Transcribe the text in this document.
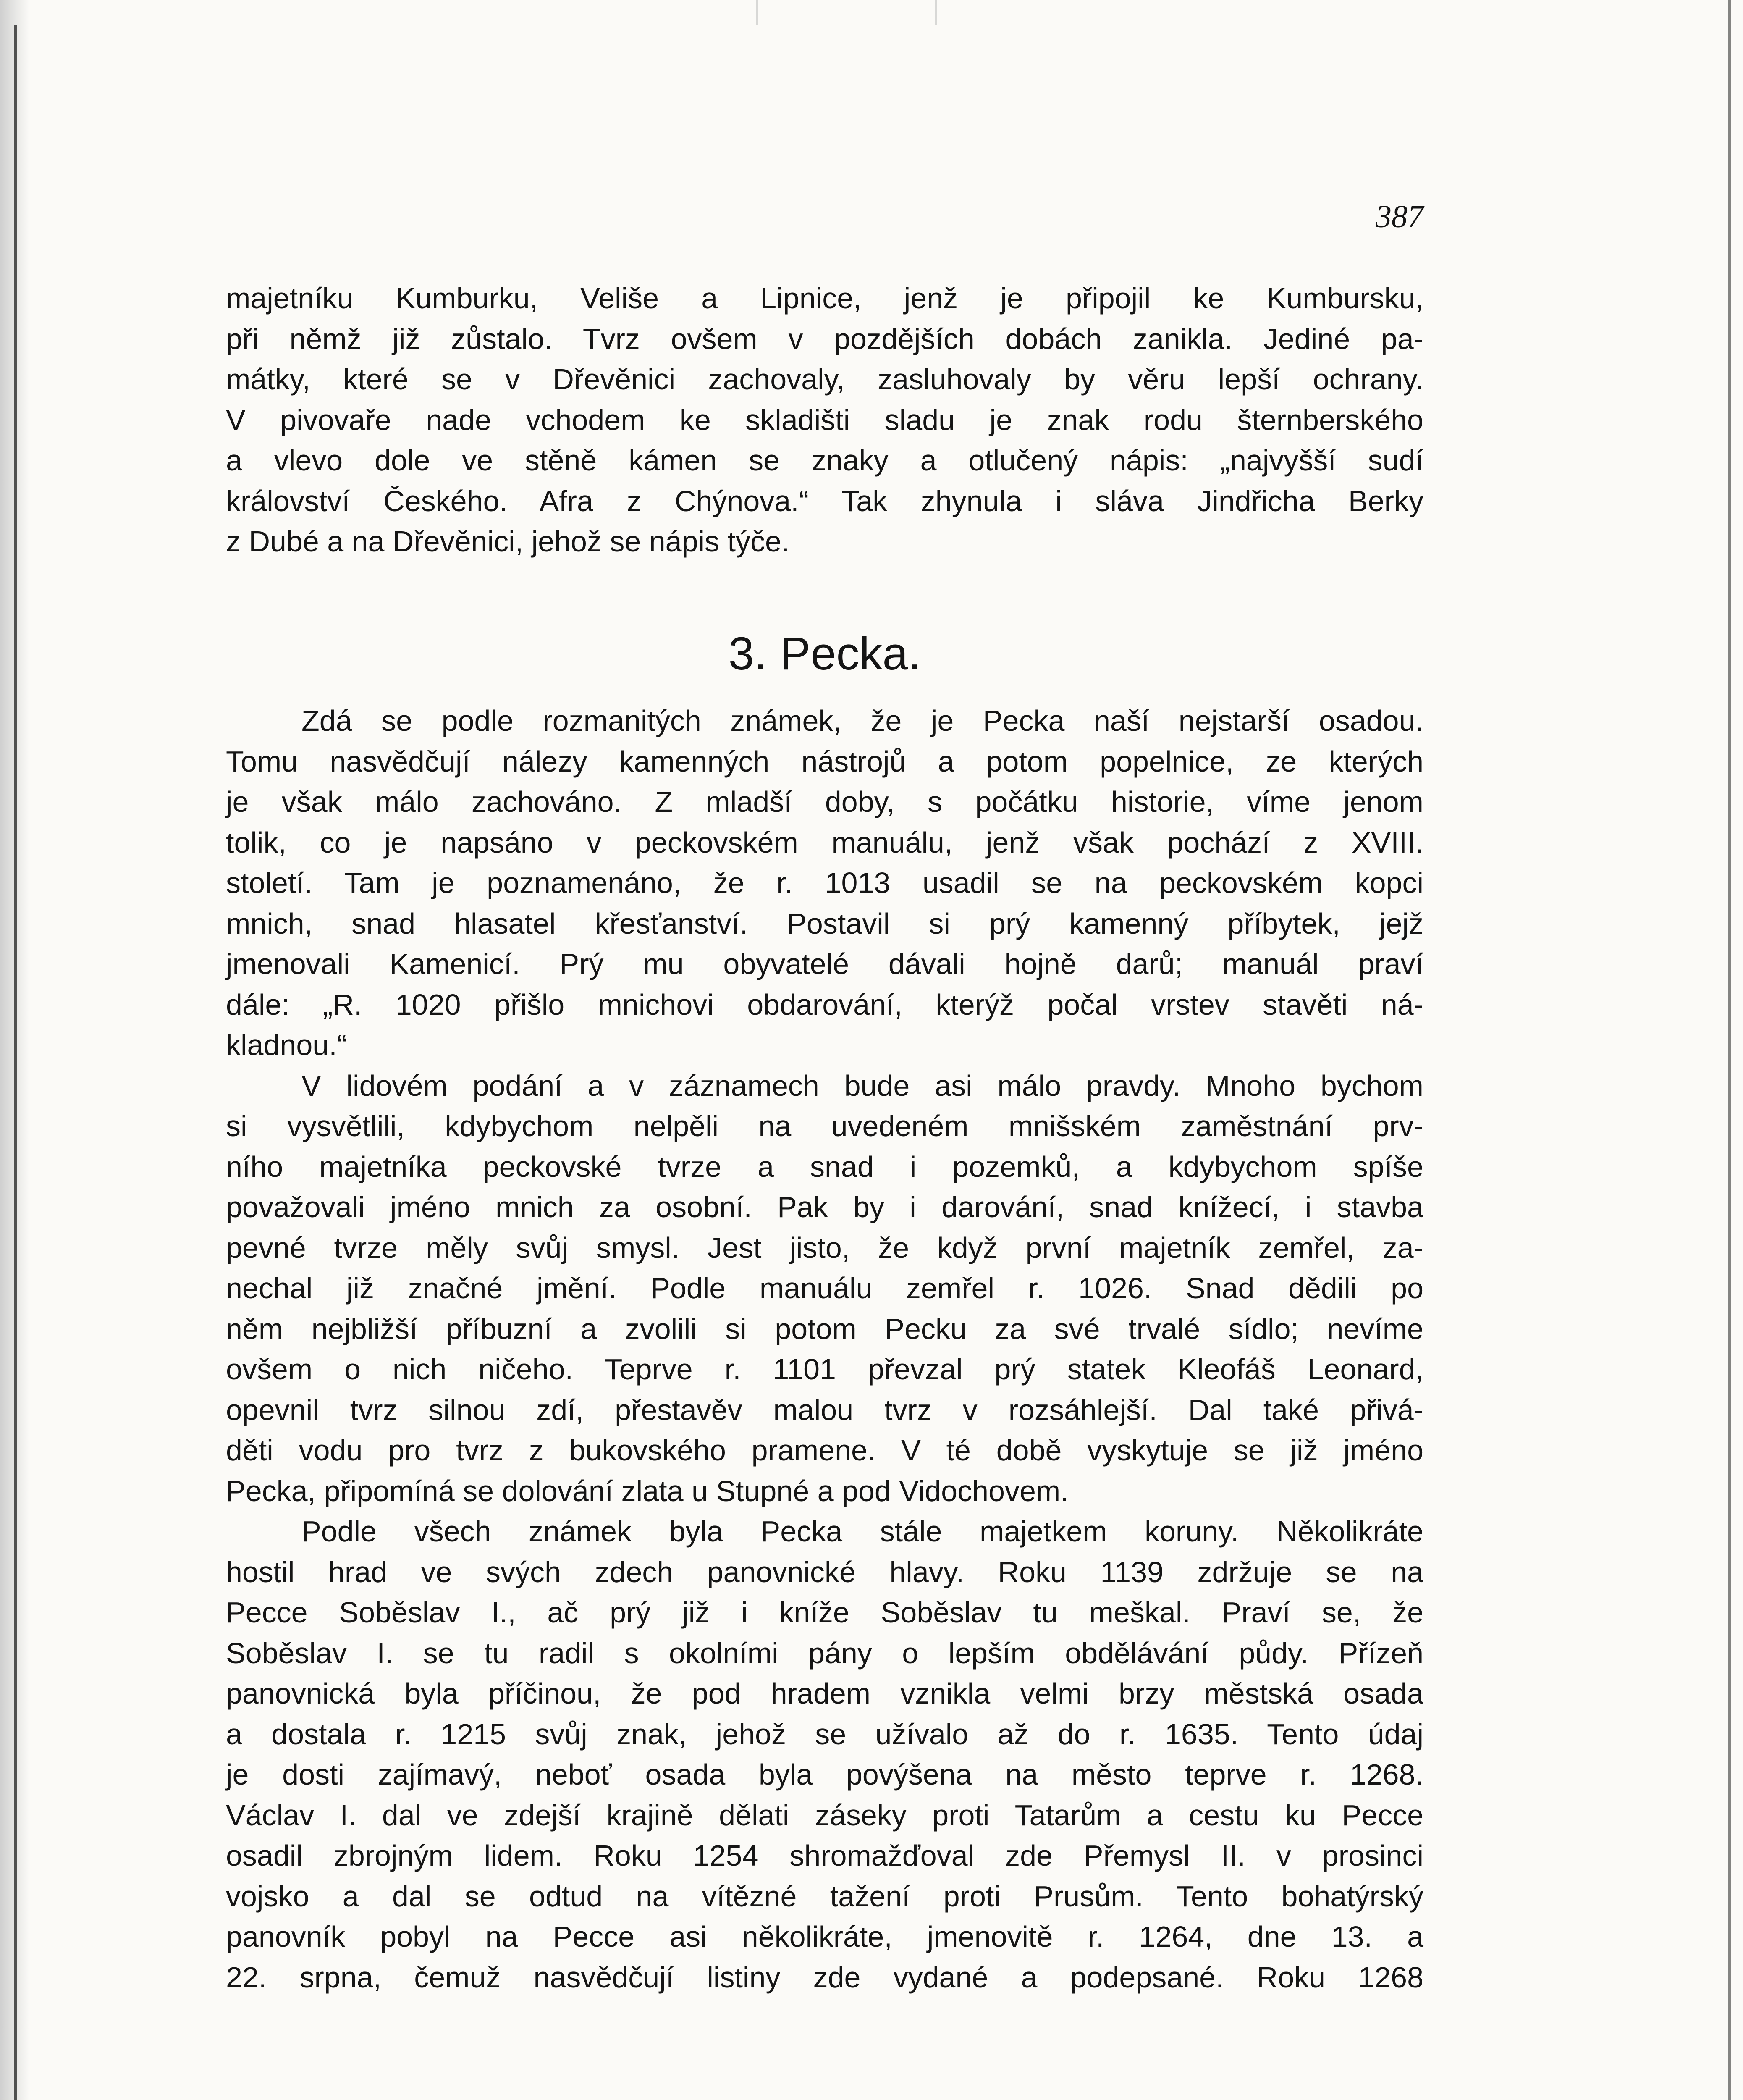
387

majetníku Kumburku, Veliše a Lipnice, jenž je připojil ke Kumbursku,

při němž již zůstalo. Tvrz ovšem v pozdějších dobách zanikla. Jediné pa-

mátky, které se v Dřevěnici zachovaly, zasluhovaly by věru lepší ochrany.

V pivovaře nade vchodem ke skladišti sladu je znak rodu šternberského

a vlevo dole ve stěně kámen se znaky a otlučený nápis: „najvyšší sudí

království Českého. Afra z Chýnova.“ Tak zhynula i sláva Jindřicha Berky

z Dubé a na Dřevěnici, jehož se nápis týče.

3. Pecka.

Zdá se podle rozmanitých známek, že je Pecka naší nejstarší osadou.

Tomu nasvědčují nálezy kamenných nástrojů a potom popelnice, ze kterých

je však málo zachováno. Z mladší doby, s počátku historie, víme jenom

tolik, co je napsáno v peckovském manuálu, jenž však pochází z XVIII.

století. Tam je poznamenáno, že r. 1013 usadil se na peckovském kopci

mnich, snad hlasatel křesťanství. Postavil si prý kamenný příbytek, jejž

jmenovali Kamenicí. Prý mu obyvatelé dávali hojně darů; manuál praví

dále: „R. 1020 přišlo mnichovi obdarování, kterýž počal vrstev stavěti ná-

kladnou.“

V lidovém podání a v záznamech bude asi málo pravdy. Mnoho bychom

si vysvětlili, kdybychom nelpěli na uvedeném mnišském zaměstnání prv-

ního majetníka peckovské tvrze a snad i pozemků, a kdybychom spíše

považovali jméno mnich za osobní. Pak by i darování, snad knížecí, i stavba

pevné tvrze měly svůj smysl. Jest jisto, že když první majetník zemřel, za-

nechal již značné jmění. Podle manuálu zemřel r. 1026. Snad dědili po

něm nejbližší příbuzní a zvolili si potom Pecku za své trvalé sídlo; nevíme

ovšem o nich ničeho. Teprve r. 1101 převzal prý statek Kleofáš Leonard,

opevnil tvrz silnou zdí, přestavěv malou tvrz v rozsáhlejší. Dal také přivá-

děti vodu pro tvrz z bukovského pramene. V té době vyskytuje se již jméno

Pecka, připomíná se dolování zlata u Stupné a pod Vidochovem.

Podle všech známek byla Pecka stále majetkem koruny. Několikráte

hostil hrad ve svých zdech panovnické hlavy. Roku 1139 zdržuje se na

Pecce Soběslav I., ač prý již i kníže Soběslav tu meškal. Praví se, že

Soběslav I. se tu radil s okolními pány o lepším obdělávání půdy. Přízeň

panovnická byla příčinou, že pod hradem vznikla velmi brzy městská osada

a dostala r. 1215 svůj znak, jehož se užívalo až do r. 1635. Tento údaj

je dosti zajímavý, neboť osada byla povýšena na město teprve r. 1268.

Václav I. dal ve zdejší krajině dělati záseky proti Tatarům a cestu ku Pecce

osadil zbrojným lidem. Roku 1254 shromažďoval zde Přemysl II. v prosinci

vojsko a dal se odtud na vítězné tažení proti Prusům. Tento bohatýrský

panovník pobyl na Pecce asi několikráte, jmenovitě r. 1264, dne 13. a

22. srpna, čemuž nasvědčují listiny zde vydané a podepsané. Roku 1268
